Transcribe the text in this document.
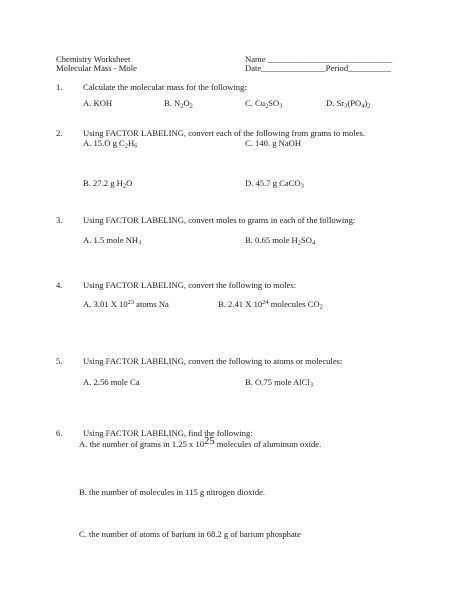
Chemistry Worksheet
Molecular Mass - Mole
Name _____________________________
Date_______________Period__________
1. Calculate the molecular mass for the following:
A. KOH	B. $N_2O_2$	C. $Cu_2SO_3$	D. $Sr_3(PO_4)_2$
2. Using FACTOR LABELING, convert each of the following from grams to moles.
A. 15.O g $C_2H_6$	C. 140. g NaOH
B. 27.2 g $H_2O$	D. 45.7 g CaCO$_3$
3. Using FACTOR LABELING, convert moles to grams in each of the following:
A. 1.5 mole $NH_3$	B. 0.65 mole $H_2SO_4$
4. Using FACTOR LABELING, convert the following to moles:
A. 3.01 X $10^{23}$ atoms Na	B. 2.41 X $10^{24}$ molecules $CO_2$
5. Using FACTOR LABELING, convert the following to atoms or molecules:
A. 2.56 mole Ca	B. O.75 mole AlCl$_3$
6. Using FACTOR LABELING, find the following:
A. the number of grams in 1.25 x $10^{25}$ molecules of aluminum oxide.
B. the number of molecules in 115 g nitrogen dioxide.
C. the number of atoms of barium in 68.2 g of barium phosphate
